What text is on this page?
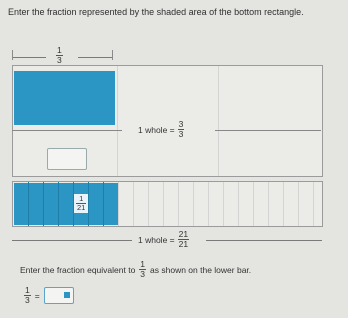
Enter the fraction represented by the shaded area of the bottom rectangle.
1
3
1 whole = $\frac{3}{3}$
1
21
1 whole = $\frac{21}{21}$
Enter the fraction equivalent to $\frac{1}{3}$ as shown on the lower bar.
$\frac{1}{3}$ =
